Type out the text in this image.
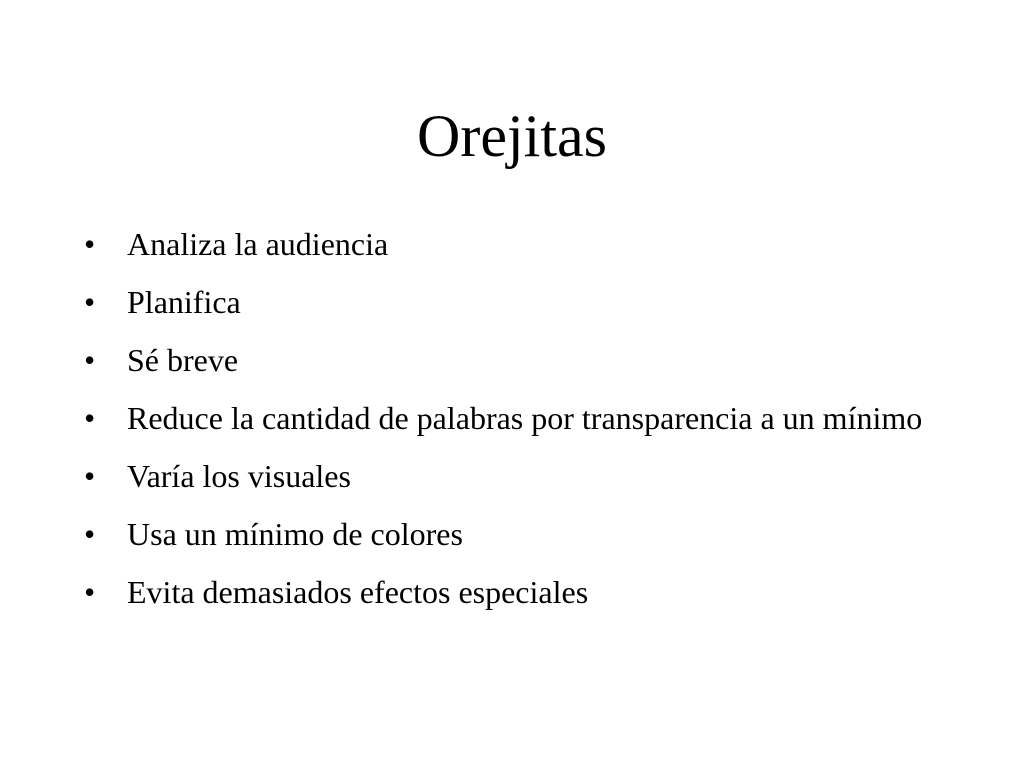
Orejitas
• Analiza la audiencia
• Planifica
• Sé breve
• Reduce la cantidad de palabras por transparencia a un mínimo
• Varía los visuales
• Usa un mínimo de colores
• Evita demasiados efectos especiales
